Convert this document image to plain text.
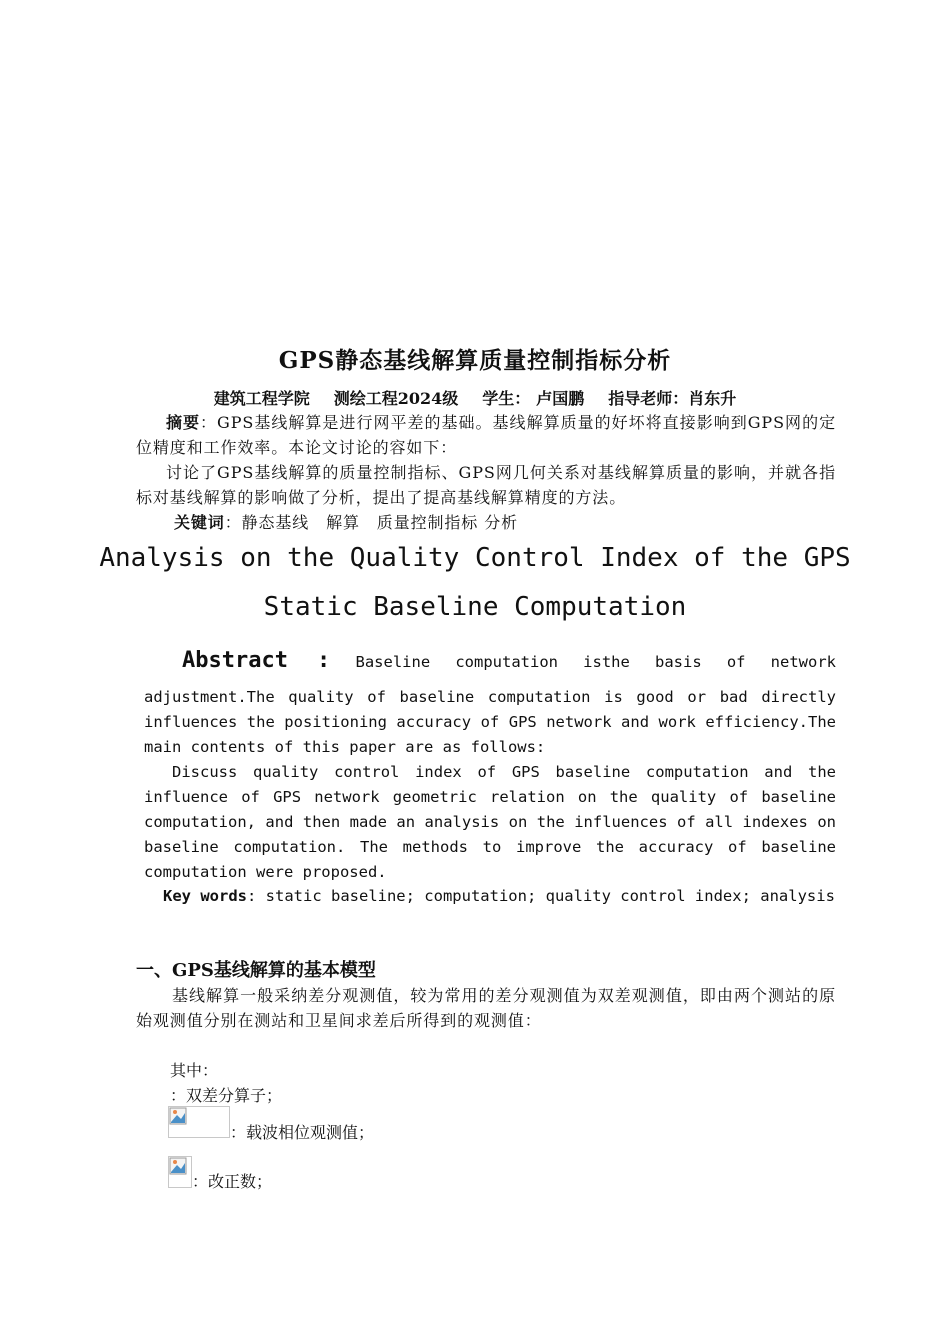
GPS静态基线解算质量控制指标分析
建筑工程学院 测绘工程2024级 学生： 卢国鹏 指导老师：肖东升
摘要：GPS基线解算是进行网平差的基础。基线解算质量的好坏将直接影响到GPS网的定位精度和工作效率。本论文讨论的容如下：
讨论了GPS基线解算的质量控制指标、GPS网几何关系对基线解算质量的影响，并就各指标对基线解算的影响做了分析，提出了提高基线解算精度的方法。
关键词：静态基线　解算　质量控制指标 分析
Analysis on the Quality Control Index of the GPS
Static Baseline Computation
Abstract : Baseline computation isthe basis of network
adjustment.The quality of baseline computation is good or bad directly influences the positioning accuracy of GPS network and work efficiency.The main contents of this paper are as follows:
Discuss quality control index of GPS baseline computation and the influence of GPS network geometric relation on the quality of baseline computation, and then made an analysis on the influences of all indexes on baseline computation. The methods to improve the accuracy of baseline computation were proposed.
Key words: static baseline; computation; quality control index; analysis
一、GPS基线解算的基本模型
基线解算一般采纳差分观测值，较为常用的差分观测值为双差观测值，即由两个测站的原始观测值分别在测站和卫星间求差后所得到的观测值：
其中：
：双差分算子；
：载波相位观测值；
：改正数；
